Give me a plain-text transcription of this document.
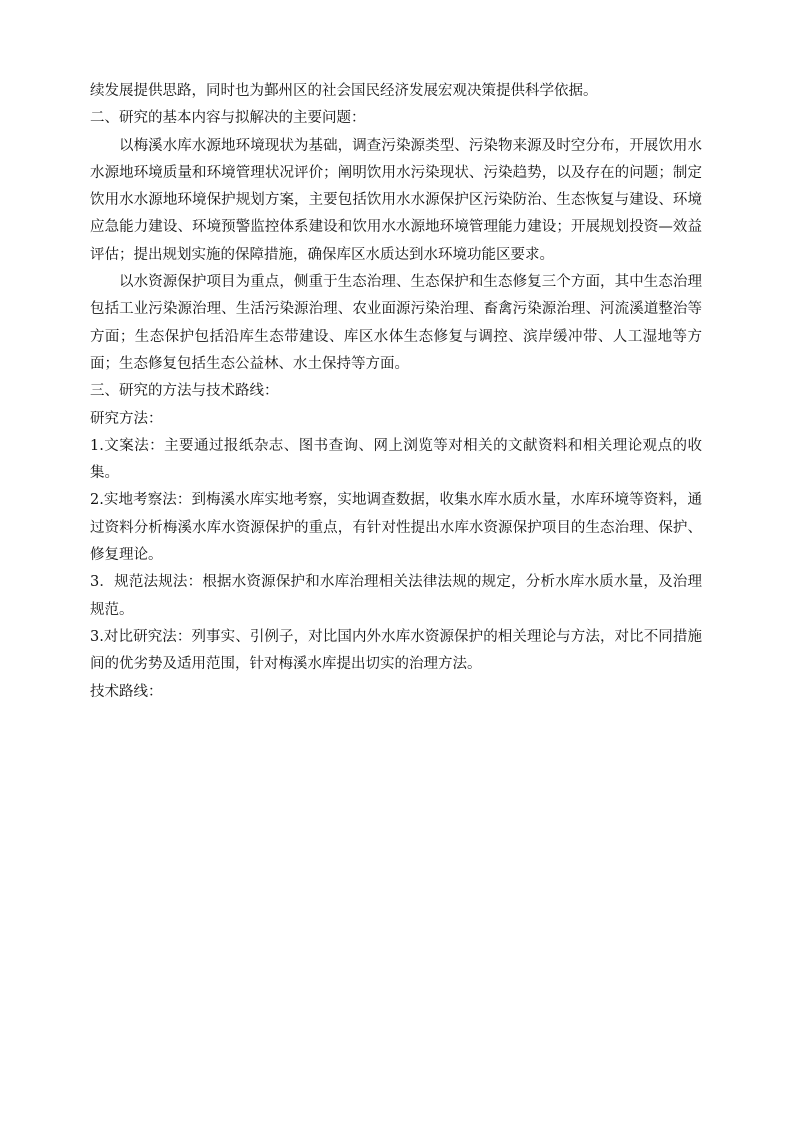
续发展提供思路，同时也为鄞州区的社会国民经济发展宏观决策提供科学依据。

二、研究的基本内容与拟解决的主要问题：

以梅溪水库水源地环境现状为基础，调查污染源类型、污染物来源及时空分布，开展饮用水水源地环境质量和环境管理状况评价；阐明饮用水污染现状、污染趋势，以及存在的问题；制定饮用水水源地环境保护规划方案，主要包括饮用水水源保护区污染防治、生态恢复与建设、环境应急能力建设、环境预警监控体系建设和饮用水水源地环境管理能力建设；开展规划投资—效益评估；提出规划实施的保障措施，确保库区水质达到水环境功能区要求。

以水资源保护项目为重点，侧重于生态治理、生态保护和生态修复三个方面，其中生态治理包括工业污染源治理、生活污染源治理、农业面源污染治理、畜禽污染源治理、河流溪道整治等方面；生态保护包括沿库生态带建设、库区水体生态修复与调控、滨岸缓冲带、人工湿地等方面；生态修复包括生态公益林、水土保持等方面。

三、研究的方法与技术路线：

研究方法：

1.文案法：主要通过报纸杂志、图书查询、网上浏览等对相关的文献资料和相关理论观点的收集。

2.实地考察法：到梅溪水库实地考察，实地调查数据，收集水库水质水量，水库环境等资料，通过资料分析梅溪水库水资源保护的重点，有针对性提出水库水资源保护项目的生态治理、保护、修复理论。

3．规范法规法：根据水资源保护和水库治理相关法律法规的规定，分析水库水质水量，及治理规范。

3.对比研究法：列事实、引例子，对比国内外水库水资源保护的相关理论与方法，对比不同措施间的优劣势及适用范围，针对梅溪水库提出切实的治理方法。

技术路线：
